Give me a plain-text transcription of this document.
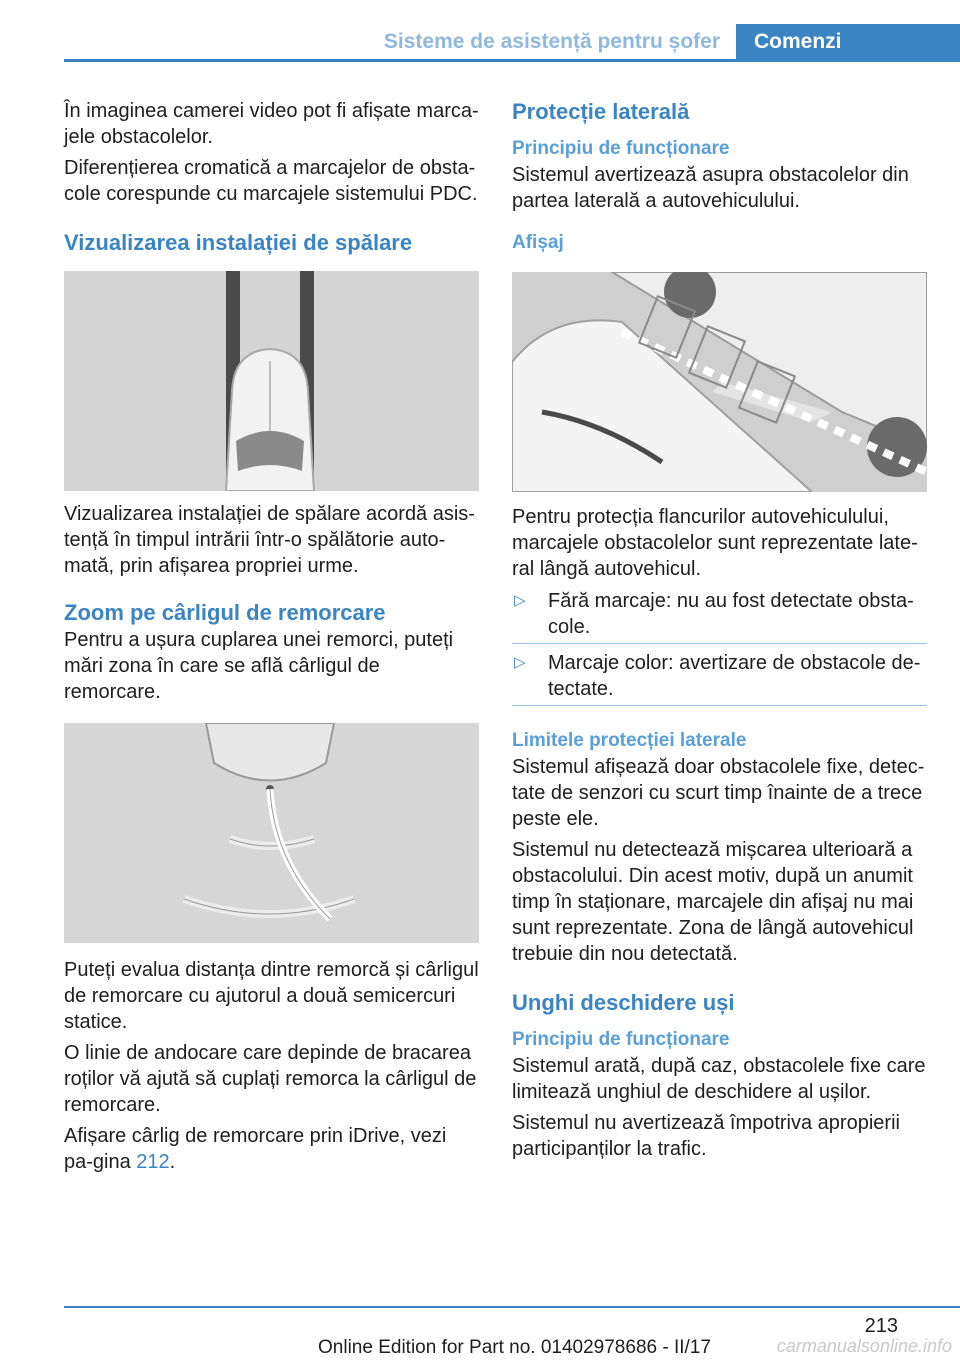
Sisteme de asistență pentru șofer	Comenzi

În imaginea camerei video pot fi afișate marca‐jele obstacolelor.

Diferențierea cromatică a marcajelor de obsta‐cole corespunde cu marcajele sistemului PDC.

Vizualizarea instalației de spălare

Vizualizarea instalației de spălare acordă asis‐tență în timpul intrării într-o spălătorie auto‐mată, prin afișarea propriei urme.

Zoom pe cârligul de remorcare

Pentru a ușura cuplarea unei remorci, puteți mări zona în care se află cârligul de remorcare.

Puteți evalua distanța dintre remorcă și cârligul de remorcare cu ajutorul a două semicercuri statice.

O linie de andocare care depinde de bracarea roților vă ajută să cuplați remorca la cârligul de remorcare.

Afișare cârlig de remorcare prin iDrive, vezi pa‐gina 212.

Protecție laterală
Principiu de funcționare

Sistemul avertizează asupra obstacolelor din partea laterală a autovehiculului.

Afișaj

Pentru protecția flancurilor autovehiculului, marcajele obstacolelor sunt reprezentate late‐ral lângă autovehicul.

▷	Fără marcaje: nu au fost detectate obsta‐cole.
▷	Marcaje color: avertizare de obstacole de‐tectate.
Limitele protecției laterale

Sistemul afișează doar obstacolele fixe, detec‐tate de senzori cu scurt timp înainte de a trece peste ele.

Sistemul nu detectează mișcarea ulterioară a obstacolului. Din acest motiv, după un anumit timp în staționare, marcajele din afișaj nu mai sunt reprezentate. Zona de lângă autovehicul trebuie din nou detectată.

Unghi deschidere uși
Principiu de funcționare

Sistemul arată, după caz, obstacolele fixe care limitează unghiul de deschidere al ușilor.

Sistemul nu avertizează împotriva apropierii participanților la trafic.

213
Online Edition for Part no. 01402978686 - II/17	carmanualsonline.info
